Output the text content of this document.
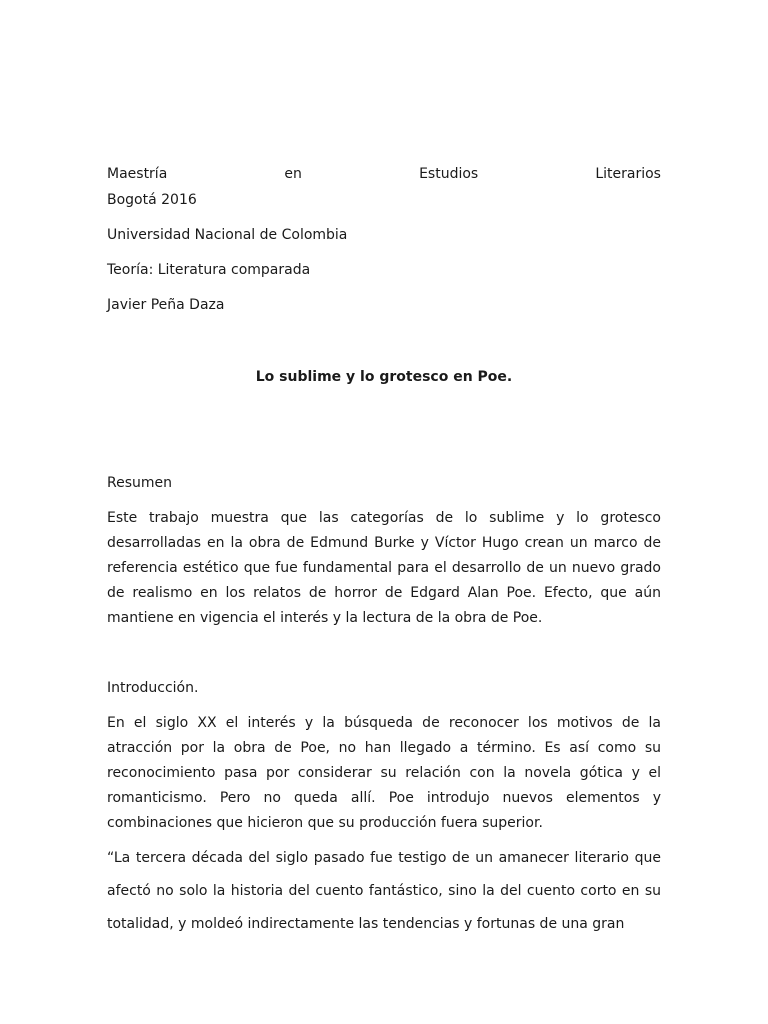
Maestría	en	Estudios	Literarios

Bogotá 2016

Universidad Nacional de Colombia

Teoría: Literatura comparada

Javier Peña Daza

Lo sublime y lo grotesco en Poe.

Resumen

Este trabajo muestra que las categorías de lo sublime y lo grotesco desarrolladas en la obra de Edmund Burke y Víctor Hugo crean un marco de referencia estético que fue fundamental para el desarrollo de un nuevo grado de realismo en los relatos de horror de Edgard Alan Poe. Efecto, que aún mantiene en vigencia el interés y la lectura de la obra de Poe.

Introducción.

En el siglo XX el interés y la búsqueda de reconocer los motivos de la atracción por la obra de Poe, no han llegado a término. Es así como su reconocimiento pasa por considerar su relación con la novela gótica y el romanticismo. Pero no queda allí. Poe introdujo nuevos elementos y combinaciones que hicieron que su producción fuera superior.

“La tercera década del siglo pasado fue testigo de un amanecer literario que afectó no solo la historia del cuento fantástico, sino la del cuento corto en su totalidad, y moldeó indirectamente las tendencias y fortunas de una gran
